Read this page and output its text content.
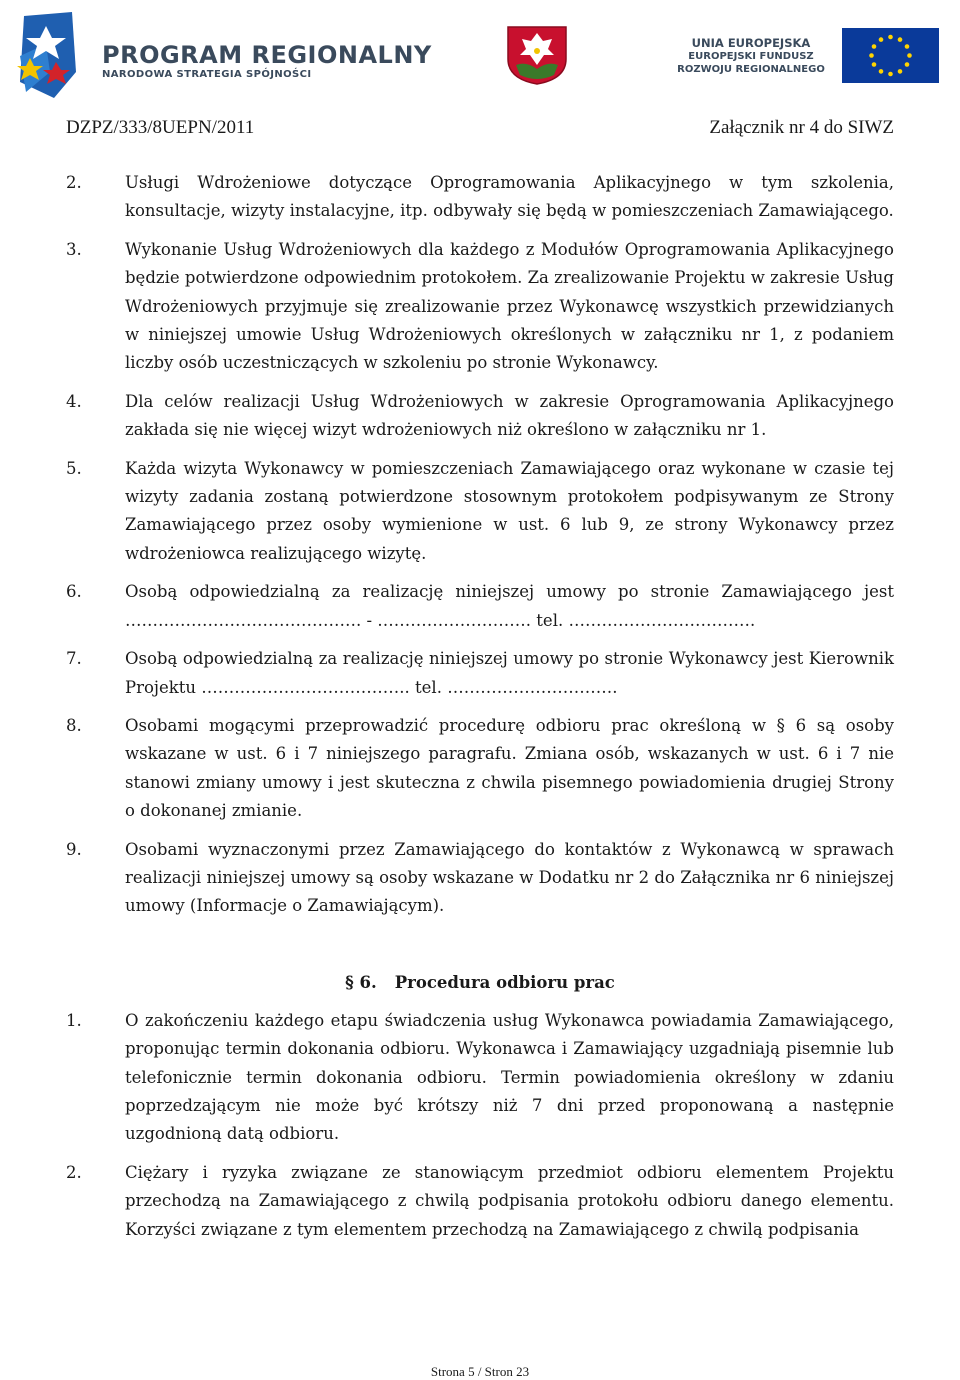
PROGRAM REGIONALNY
NARODOWA STRATEGIA SPÓJNOŚCI
UNIA EUROPEJSKA
EUROPEJSKI FUNDUSZ
ROZWOJU REGIONALNEGO
DZPZ/333/8UEPN/2011	Załącznik nr 4 do SIWZ
2.	Usługi Wdrożeniowe dotyczące Oprogramowania Aplikacyjnego w tym szkolenia, konsultacje, wizyty instalacyjne, itp. odbywały się będą w pomieszczeniach Zamawiającego.
3.	Wykonanie Usług Wdrożeniowych dla każdego z Modułów Oprogramowania Aplikacyjnego będzie potwierdzone odpowiednim protokołem. Za zrealizowanie Projektu w zakresie Usług Wdrożeniowych przyjmuje się zrealizowanie przez Wykonawcę wszystkich przewidzianych w niniejszej umowie Usług Wdrożeniowych określonych w załączniku nr 1, z podaniem liczby osób uczestniczących w szkoleniu po stronie Wykonawcy.
4.	Dla celów realizacji Usług Wdrożeniowych w zakresie Oprogramowania Aplikacyjnego zakłada się nie więcej wizyt wdrożeniowych niż określono w załączniku nr 1.
5.	Każda wizyta Wykonawcy w pomieszczeniach Zamawiającego oraz wykonane w czasie tej wizyty zadania zostaną potwierdzone stosownym protokołem podpisywanym ze Strony Zamawiającego przez osoby wymienione w ust. 6 lub 9, ze strony Wykonawcy przez wdrożeniowca realizującego wizytę.
6.	Osobą odpowiedzialną za realizację niniejszej umowy po stronie Zamawiającego jest ……………………………………. - ………………………. tel. …………………………….
7.	Osobą odpowiedzialną za realizację niniejszej umowy po stronie Wykonawcy jest Kierownik Projektu ……………………………….. tel. ………………………….
8.	Osobami mogącymi przeprowadzić procedurę odbioru prac określoną w § 6 są osoby wskazane w ust. 6 i 7 niniejszego paragrafu. Zmiana osób, wskazanych w ust. 6 i 7 nie stanowi zmiany umowy i jest skuteczna z chwila pisemnego powiadomienia drugiej Strony o dokonanej zmianie.
9.	Osobami wyznaczonymi przez Zamawiającego do kontaktów z Wykonawcą w sprawach realizacji niniejszej umowy są osoby wskazane w Dodatku nr 2 do Załącznika nr 6 niniejszej umowy (Informacje o Zamawiającym).
§ 6. Procedura odbioru prac
1.	O zakończeniu każdego etapu świadczenia usług Wykonawca powiadamia Zamawiającego, proponując termin dokonania odbioru. Wykonawca i Zamawiający uzgadniają pisemnie lub telefonicznie termin dokonania odbioru. Termin powiadomienia określony w zdaniu poprzedzającym nie może być krótszy niż 7 dni przed proponowaną a następnie uzgodnioną datą odbioru.
2.	Ciężary i ryzyka związane ze stanowiącym przedmiot odbioru elementem Projektu przechodzą na Zamawiającego z chwilą podpisania protokołu odbioru danego elementu. Korzyści związane z tym elementem przechodzą na Zamawiającego z chwilą podpisania
Strona 5 / Stron 23
